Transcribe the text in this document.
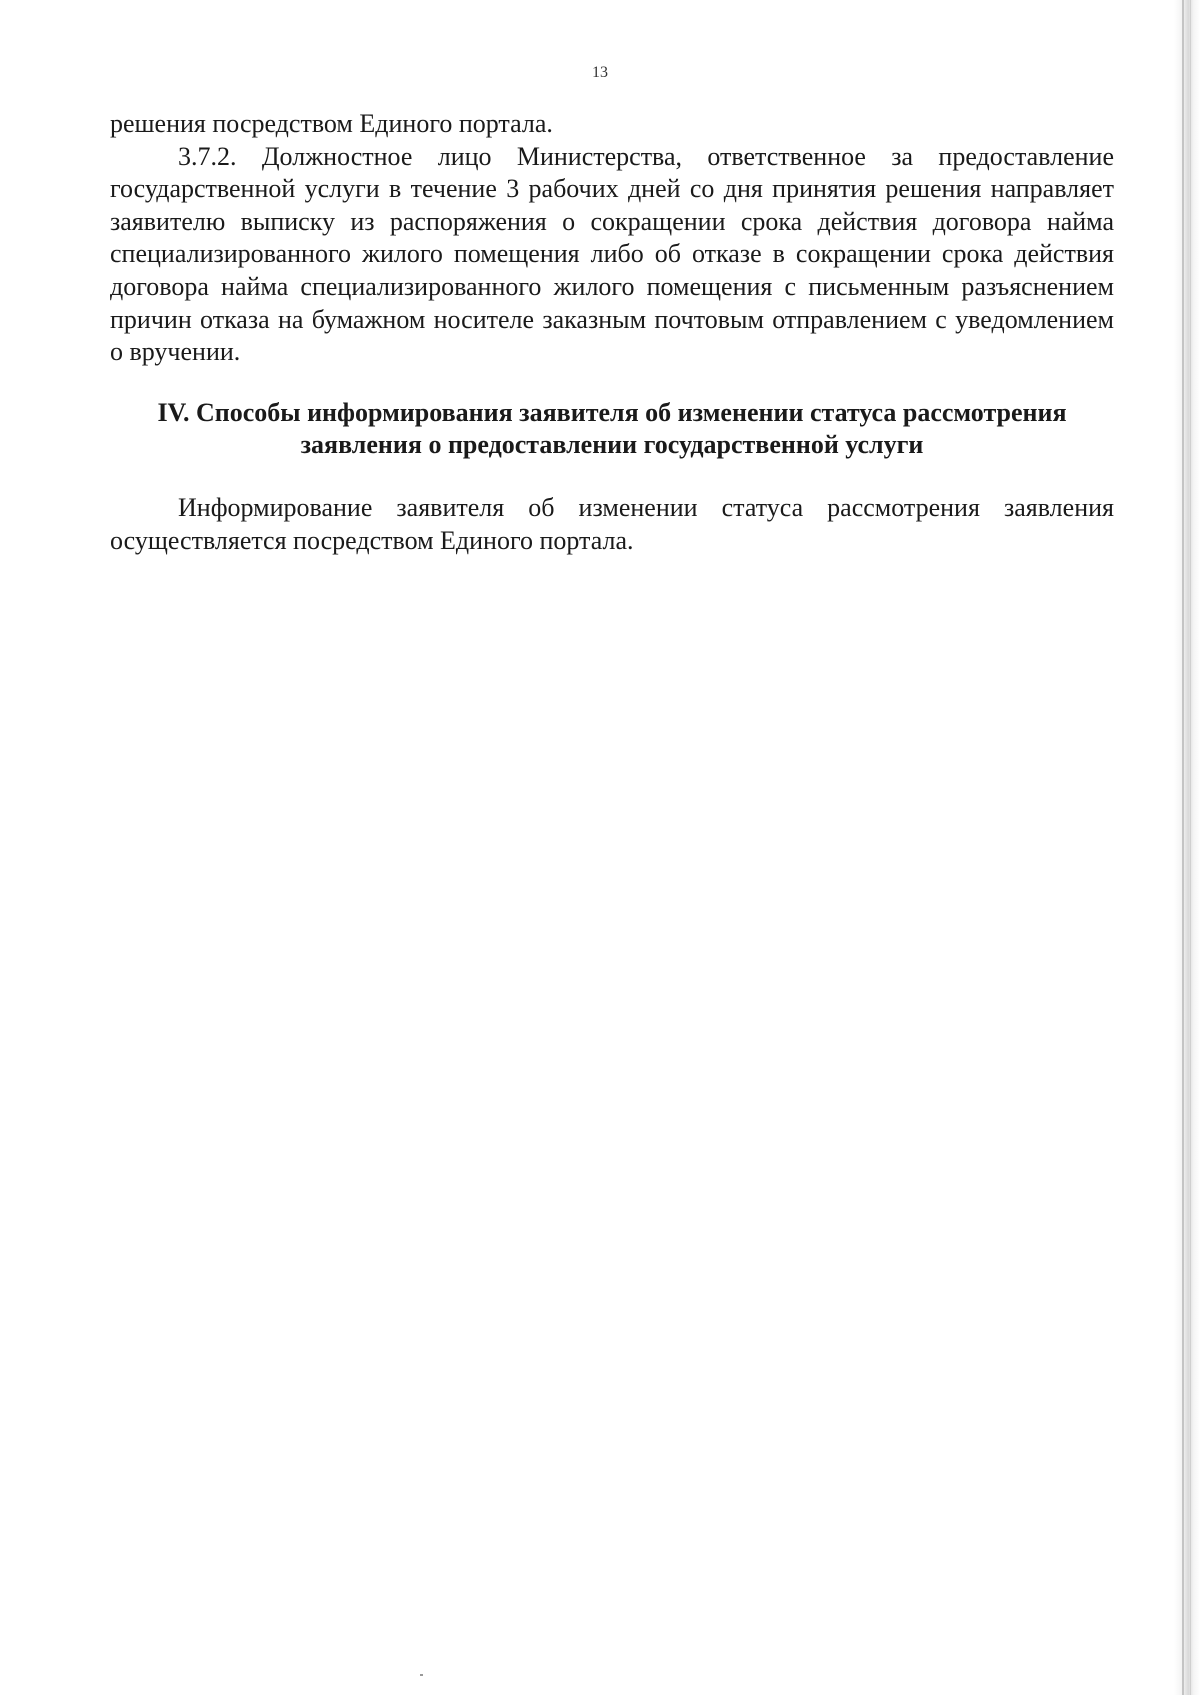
13

решения посредством Единого портала.

3.7.2. Должностное лицо Министерства, ответственное за предоставление государственной услуги в течение 3 рабочих дней со дня принятия решения направляет заявителю выписку из распоряжения о сокращении срока действия договора найма специализированного жилого помещения либо об отказе в сокращении срока действия договора найма специализированного жилого помещения с письменным разъяснением причин отказа на бумажном носителе заказным почтовым отправлением с уведомлением о вручении.

IV. Способы информирования заявителя об изменении статуса рассмотрения
заявления о предоставлении государственной услуги

Информирование заявителя об изменении статуса рассмотрения заявления осуществляется посредством Единого портала.
